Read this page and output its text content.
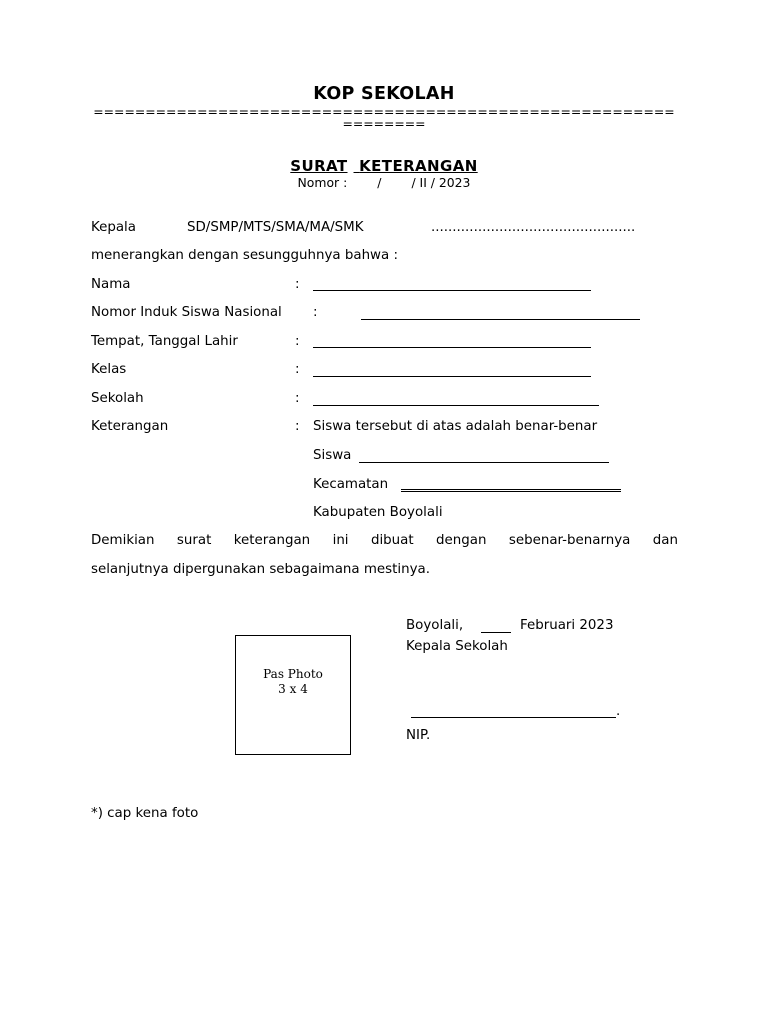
KOP SEKOLAH
========================================================
========
SURAT KETERANGAN
Nomor : / / II / 2023
Kepala	SD/SMP/MTS/SMA/MA/SMK	................................................
menerangkan dengan sesungguhnya bahwa :
Nama	:
Nomor Induk Siswa Nasional :
Tempat, Tanggal Lahir	:
Kelas	:
Sekolah	:
Keterangan	: Siswa tersebut di atas adalah benar-benar
Siswa
Kecamatan
Kabupaten Boyolali
Demikian surat keterangan ini dibuat dengan sebenar-benarnya dan
selanjutnya dipergunakan sebagaimana mestinya.
Boyolali,	Februari 2023
Kepala Sekolah
.
NIP.
Pas Photo
3 x 4
*) cap kena foto
